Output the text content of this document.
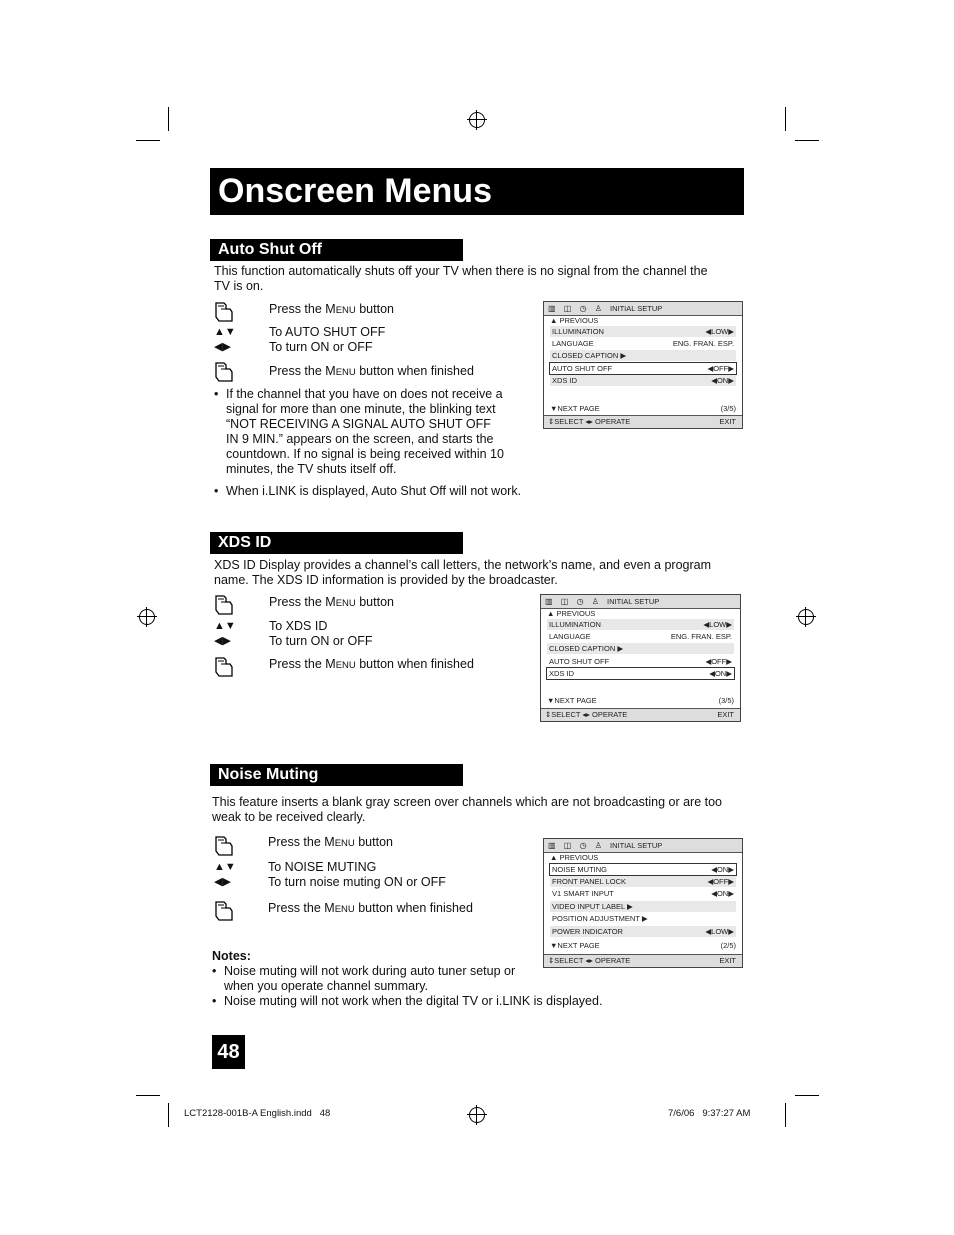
Onscreen Menus
Auto Shut Off
This function automatically shuts off your TV when there is no signal from the channel the
TV is on.
Press the MENU button
▲▼	To AUTO SHUT OFF
◀▶	To turn ON or OFF
Press the MENU button when finished
• If the channel that you have on does not receive a
signal for more than one minute, the blinking text
“NOT RECEIVING A SIGNAL AUTO SHUT OFF
IN 9 MIN.” appears on the screen, and starts the
countdown. If no signal is being received within 10
minutes, the TV shuts itself off.
• When i.LINK is displayed, Auto Shut Off will not work.
▥ ◫ ◷ ♙ INITIAL SETUP
▲ PREVIOUS
ILLUMINATION	◀LOW▶
LANGUAGE	ENG. FRAN. ESP.
CLOSED CAPTION ▶
AUTO SHUT OFF	◀OFF▶
XDS ID	◀ON▶
▼NEXT PAGE	(3/5)
⇕SELECT ◂▸ OPERATE	EXIT
XDS ID
XDS ID Display provides a channel’s call letters, the network’s name, and even a program
name. The XDS ID information is provided by the broadcaster.
Press the MENU button
▲▼	To XDS ID
◀▶	To turn ON or OFF
Press the MENU button when finished
▥ ◫ ◷ ♙ INITIAL SETUP
▲ PREVIOUS
ILLUMINATION	◀LOW▶
LANGUAGE	ENG. FRAN. ESP.
CLOSED CAPTION ▶
AUTO SHUT OFF	◀OFF▶
XDS ID	◀ON▶
▼NEXT PAGE	(3/5)
⇕SELECT ◂▸ OPERATE	EXIT
Noise Muting
This feature inserts a blank gray screen over channels which are not broadcasting or are too
weak to be received clearly.
Press the MENU button
▲▼	To NOISE MUTING
◀▶	To turn noise muting ON or OFF
Press the MENU button when finished
Notes:
• Noise muting will not work during auto tuner setup or
when you operate channel summary.
• Noise muting will not work when the digital TV or i.LINK is displayed.
▥ ◫ ◷ ♙ INITIAL SETUP
▲ PREVIOUS
NOISE MUTING	◀ON▶
FRONT PANEL LOCK	◀OFF▶
V1 SMART INPUT	◀ON▶
VIDEO INPUT LABEL ▶
POSITION ADJUSTMENT ▶
POWER INDICATOR	◀LOW▶
▼NEXT PAGE	(2/5)
⇕SELECT ◂▸ OPERATE	EXIT
48
LCT2128-001B-A English.indd   48	7/6/06   9:37:27 AM
